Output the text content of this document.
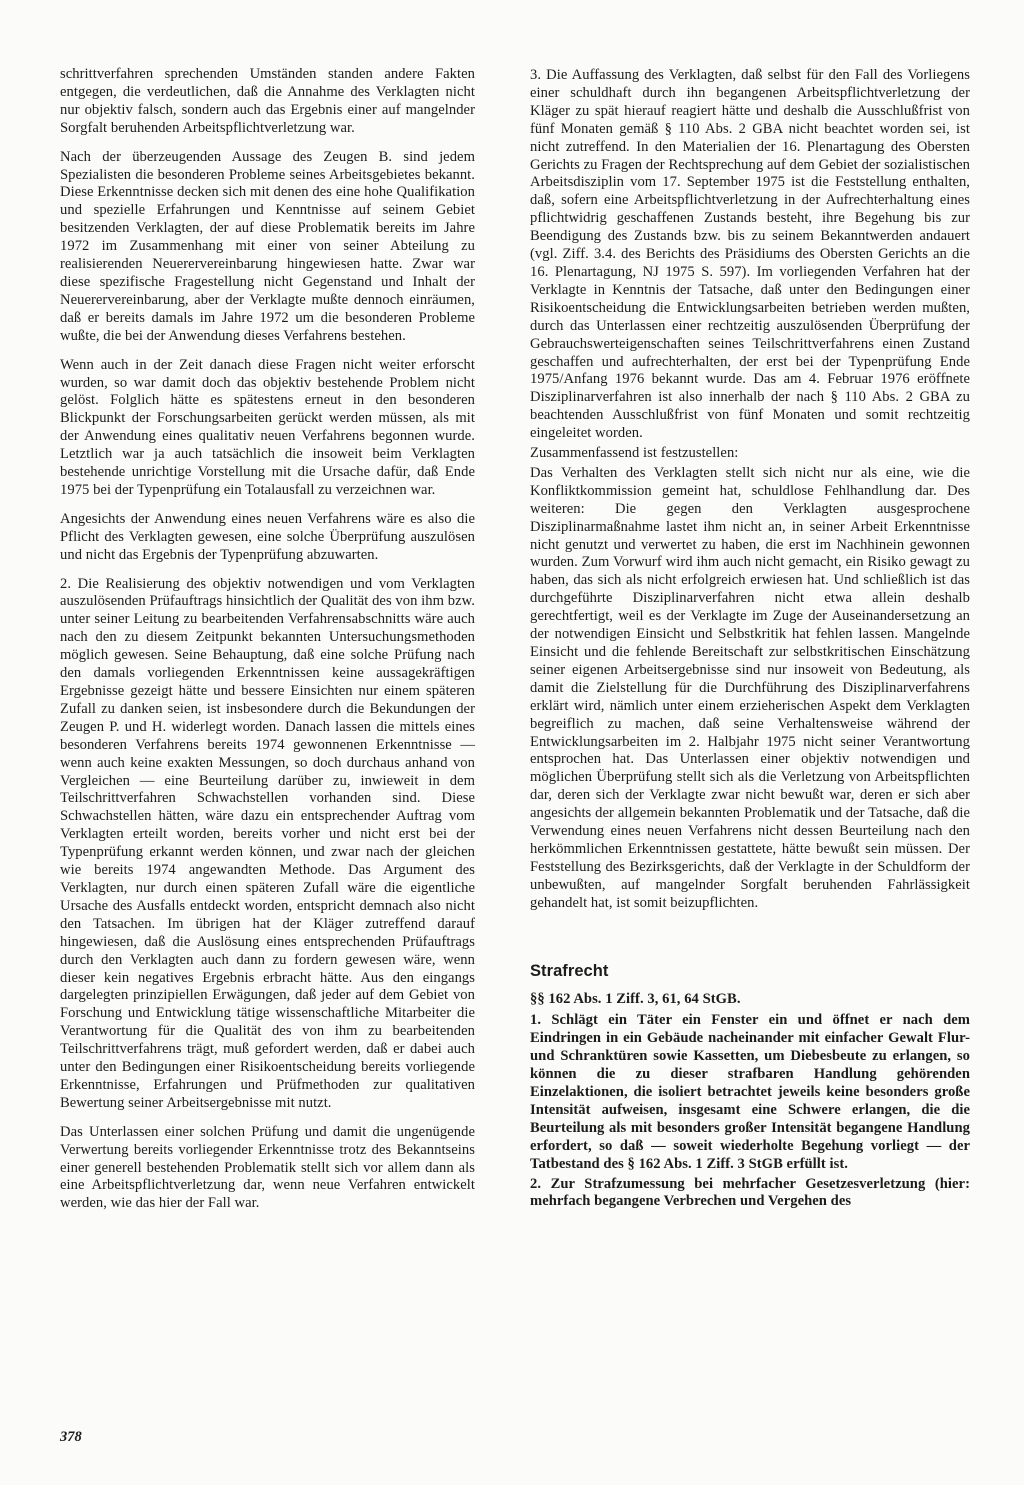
schrittverfahren sprechenden Umständen standen andere Fakten entgegen, die verdeutlichen, daß die Annahme des Verklagten nicht nur objektiv falsch, sondern auch das Ergebnis einer auf mangelnder Sorgfalt beruhenden Arbeitspflichtverletzung war.

Nach der überzeugenden Aussage des Zeugen B. sind jedem Spezialisten die besonderen Probleme seines Arbeitsgebietes bekannt. Diese Erkenntnisse decken sich mit denen des eine hohe Qualifikation und spezielle Erfahrungen und Kenntnisse auf seinem Gebiet besitzenden Verklagten, der auf diese Problematik bereits im Jahre 1972 im Zusammenhang mit einer von seiner Abteilung zu realisierenden Neuerervereinbarung hingewiesen hatte. Zwar war diese spezifische Fragestellung nicht Gegenstand und Inhalt der Neuerervereinbarung, aber der Verklagte mußte dennoch einräumen, daß er bereits damals im Jahre 1972 um die besonderen Probleme wußte, die bei der Anwendung dieses Verfahrens bestehen.

Wenn auch in der Zeit danach diese Fragen nicht weiter erforscht wurden, so war damit doch das objektiv bestehende Problem nicht gelöst. Folglich hätte es spätestens erneut in den besonderen Blickpunkt der Forschungsarbeiten gerückt werden müssen, als mit der Anwendung eines qualitativ neuen Verfahrens begonnen wurde. Letztlich war ja auch tatsächlich die insoweit beim Verklagten bestehende unrichtige Vorstellung mit die Ursache dafür, daß Ende 1975 bei der Typenprüfung ein Totalausfall zu verzeichnen war.

Angesichts der Anwendung eines neuen Verfahrens wäre es also die Pflicht des Verklagten gewesen, eine solche Überprüfung auszulösen und nicht das Ergebnis der Typenprüfung abzuwarten.

2. Die Realisierung des objektiv notwendigen und vom Verklagten auszulösenden Prüfauftrags hinsichtlich der Qualität des von ihm bzw. unter seiner Leitung zu bearbeitenden Verfahrensabschnitts wäre auch nach den zu diesem Zeitpunkt bekannten Untersuchungsmethoden möglich gewesen. Seine Behauptung, daß eine solche Prüfung nach den damals vorliegenden Erkenntnissen keine aussagekräftigen Ergebnisse gezeigt hätte und bessere Einsichten nur einem späteren Zufall zu danken seien, ist insbesondere durch die Bekundungen der Zeugen P. und H. widerlegt worden. Danach lassen die mittels eines besonderen Verfahrens bereits 1974 gewonnenen Erkenntnisse — wenn auch keine exakten Messungen, so doch durchaus anhand von Vergleichen — eine Beurteilung darüber zu, inwieweit in dem Teilschrittverfahren Schwachstellen vorhanden sind. Diese Schwachstellen hätten, wäre dazu ein entsprechender Auftrag vom Verklagten erteilt worden, bereits vorher und nicht erst bei der Typenprüfung erkannt werden können, und zwar nach der gleichen wie bereits 1974 angewandten Methode. Das Argument des Verklagten, nur durch einen späteren Zufall wäre die eigentliche Ursache des Ausfalls entdeckt worden, entspricht demnach also nicht den Tatsachen. Im übrigen hat der Kläger zutreffend darauf hingewiesen, daß die Auslösung eines entsprechenden Prüfauftrags durch den Verklagten auch dann zu fordern gewesen wäre, wenn dieser kein negatives Ergebnis erbracht hätte. Aus den eingangs dargelegten prinzipiellen Erwägungen, daß jeder auf dem Gebiet von Forschung und Entwicklung tätige wissenschaftliche Mitarbeiter die Verantwortung für die Qualität des von ihm zu bearbeitenden Teilschrittverfahrens trägt, muß gefordert werden, daß er dabei auch unter den Bedingungen einer Risikoentscheidung bereits vorliegende Erkenntnisse, Erfahrungen und Prüfmethoden zur qualitativen Bewertung seiner Arbeitsergebnisse mit nutzt.

Das Unterlassen einer solchen Prüfung und damit die ungenügende Verwertung bereits vorliegender Erkenntnisse trotz des Bekanntseins einer generell bestehenden Problematik stellt sich vor allem dann als eine Arbeitspflichtverletzung dar, wenn neue Verfahren entwickelt werden, wie das hier der Fall war.

3. Die Auffassung des Verklagten, daß selbst für den Fall des Vorliegens einer schuldhaft durch ihn begangenen Arbeitspflichtverletzung der Kläger zu spät hierauf reagiert hätte und deshalb die Ausschlußfrist von fünf Monaten gemäß § 110 Abs. 2 GBA nicht beachtet worden sei, ist nicht zutreffend. In den Materialien der 16. Plenartagung des Obersten Gerichts zu Fragen der Rechtsprechung auf dem Gebiet der sozialistischen Arbeitsdisziplin vom 17. September 1975 ist die Feststellung enthalten, daß, sofern eine Arbeitspflichtverletzung in der Aufrechterhaltung eines pflichtwidrig geschaffenen Zustands besteht, ihre Begehung bis zur Beendigung des Zustands bzw. bis zu seinem Bekanntwerden andauert (vgl. Ziff. 3.4. des Berichts des Präsidiums des Obersten Gerichts an die 16. Plenartagung, NJ 1975 S. 597). Im vorliegenden Verfahren hat der Verklagte in Kenntnis der Tatsache, daß unter den Bedingungen einer Risikoentscheidung die Entwicklungsarbeiten betrieben werden mußten, durch das Unterlassen einer rechtzeitig auszulösenden Überprüfung der Gebrauchswerteigenschaften seines Teilschrittverfahrens einen Zustand geschaffen und aufrechterhalten, der erst bei der Typenprüfung Ende 1975/Anfang 1976 bekannt wurde. Das am 4. Februar 1976 eröffnete Disziplinarverfahren ist also innerhalb der nach § 110 Abs. 2 GBA zu beachtenden Ausschlußfrist von fünf Monaten und somit rechtzeitig eingeleitet worden.

Zusammenfassend ist festzustellen:

Das Verhalten des Verklagten stellt sich nicht nur als eine, wie die Konfliktkommission gemeint hat, schuldlose Fehlhandlung dar. Des weiteren: Die gegen den Verklagten ausgesprochene Disziplinarmaßnahme lastet ihm nicht an, in seiner Arbeit Erkenntnisse nicht genutzt und verwertet zu haben, die erst im Nachhinein gewonnen wurden. Zum Vorwurf wird ihm auch nicht gemacht, ein Risiko gewagt zu haben, das sich als nicht erfolgreich erwiesen hat. Und schließlich ist das durchgeführte Disziplinarverfahren nicht etwa allein deshalb gerechtfertigt, weil es der Verklagte im Zuge der Auseinandersetzung an der notwendigen Einsicht und Selbstkritik hat fehlen lassen. Mangelnde Einsicht und die fehlende Bereitschaft zur selbstkritischen Einschätzung seiner eigenen Arbeitsergebnisse sind nur insoweit von Bedeutung, als damit die Zielstellung für die Durchführung des Disziplinarverfahrens erklärt wird, nämlich unter einem erzieherischen Aspekt dem Verklagten begreiflich zu machen, daß seine Verhaltensweise während der Entwicklungsarbeiten im 2. Halbjahr 1975 nicht seiner Verantwortung entsprochen hat. Das Unterlassen einer objektiv notwendigen und möglichen Überprüfung stellt sich als die Verletzung von Arbeitspflichten dar, deren sich der Verklagte zwar nicht bewußt war, deren er sich aber angesichts der allgemein bekannten Problematik und der Tatsache, daß die Verwendung eines neuen Verfahrens nicht dessen Beurteilung nach den herkömmlichen Erkenntnissen gestattete, hätte bewußt sein müssen. Der Feststellung des Bezirksgerichts, daß der Verklagte in der Schuldform der unbewußten, auf mangelnder Sorgfalt beruhenden Fahrlässigkeit gehandelt hat, ist somit beizupflichten.

Strafrecht

§§ 162 Abs. 1 Ziff. 3, 61, 64 StGB.

1. Schlägt ein Täter ein Fenster ein und öffnet er nach dem Eindringen in ein Gebäude nacheinander mit einfacher Gewalt Flur- und Schranktüren sowie Kassetten, um Diebesbeute zu erlangen, so können die zu dieser strafbaren Handlung gehörenden Einzelaktionen, die isoliert betrachtet jeweils keine besonders große Intensität aufweisen, insgesamt eine Schwere erlangen, die die Beurteilung als mit besonders großer Intensität begangene Handlung erfordert, so daß — soweit wiederholte Begehung vorliegt — der Tatbestand des § 162 Abs. 1 Ziff. 3 StGB erfüllt ist.

2. Zur Strafzumessung bei mehrfacher Gesetzesverletzung (hier: mehrfach begangene Verbrechen und Vergehen des

378
